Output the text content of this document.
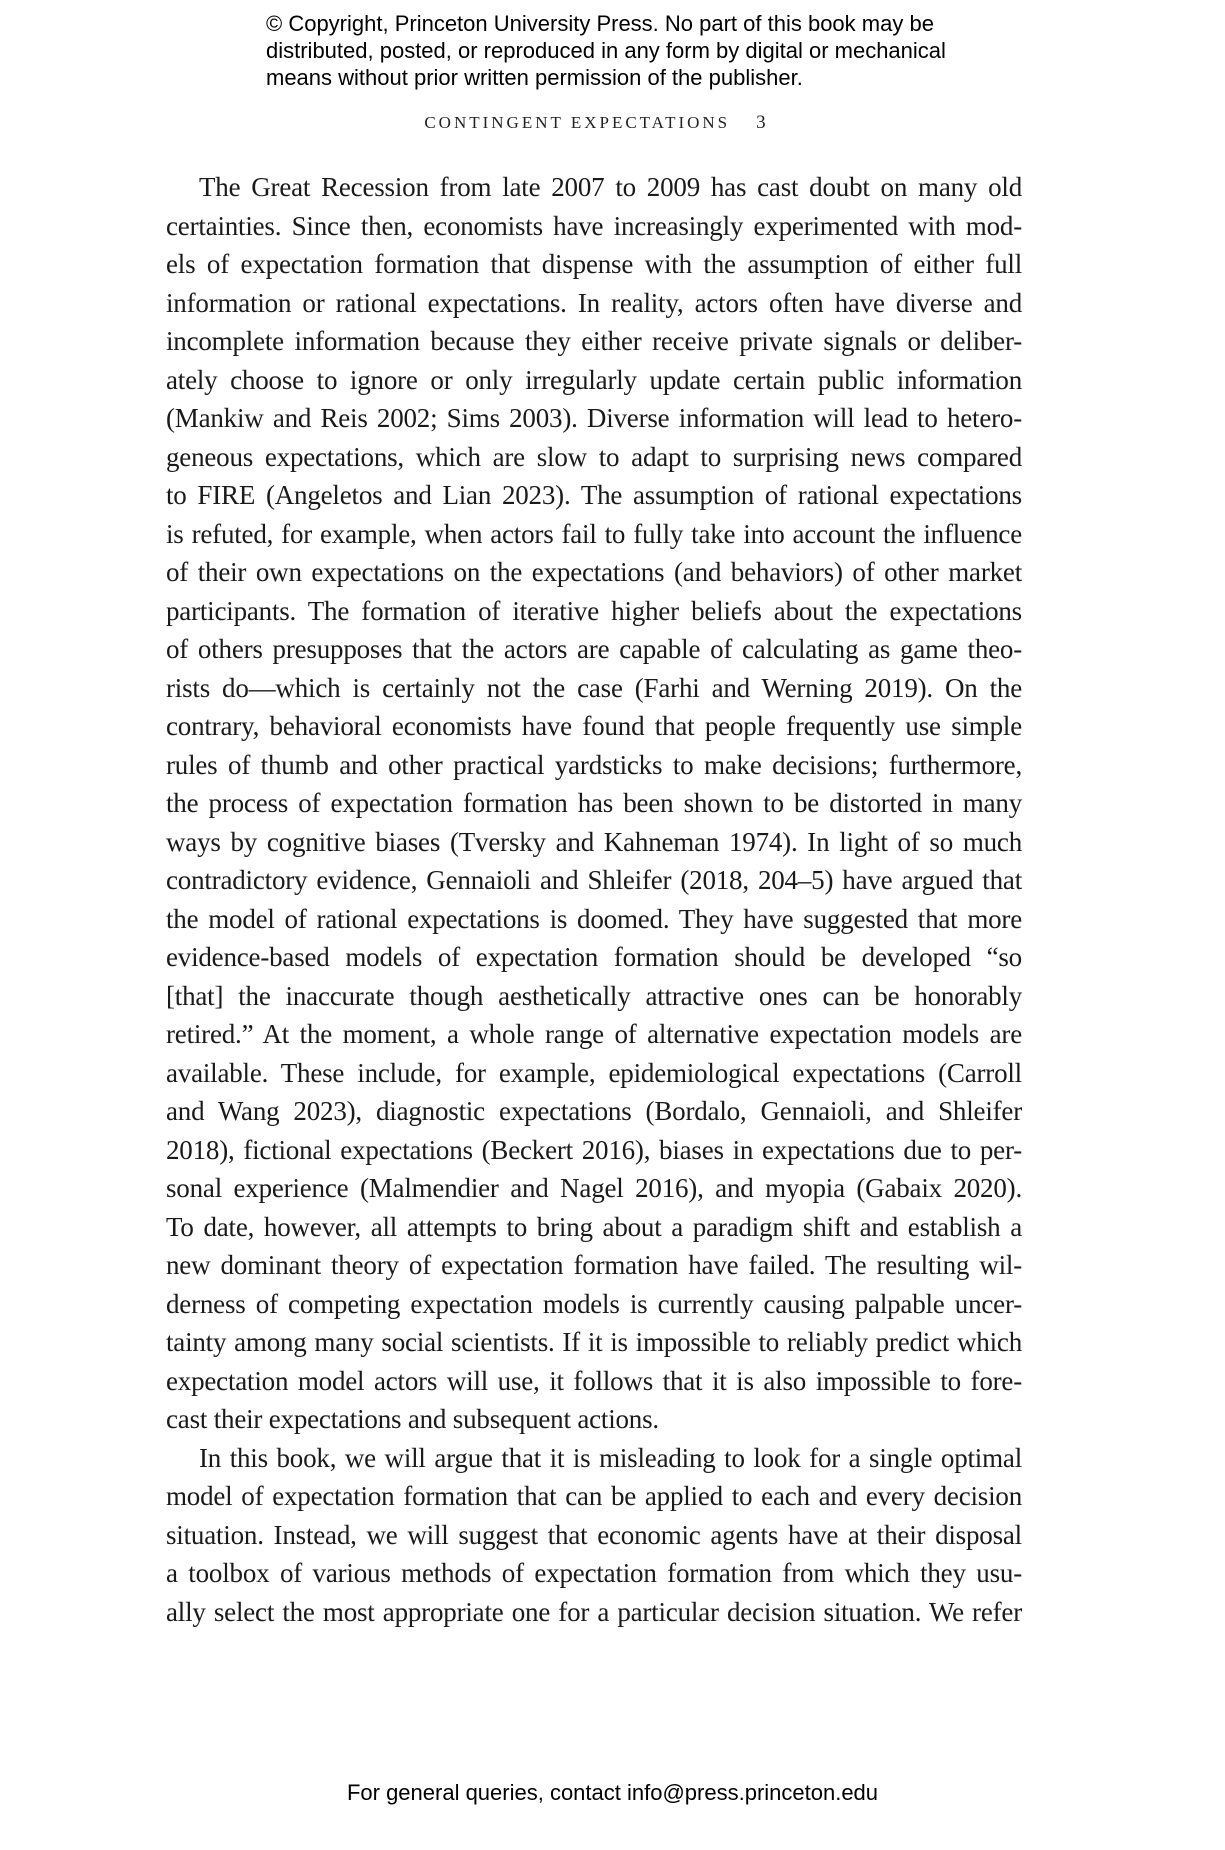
© Copyright, Princeton University Press. No part of this book may be
distributed, posted, or reproduced in any form by digital or mechanical
means without prior written permission of the publisher.
CONTINGENT EXPECTATIONS 3
The Great Recession from late 2007 to 2009 has cast doubt on many old
certainties. Since then, economists have increasingly experimented with mod-
els of expectation formation that dispense with the assumption of either full
information or rational expectations. In reality, actors often have diverse and
incomplete information because they either receive private signals or deliber-
ately choose to ignore or only irregularly update certain public information
(Mankiw and Reis 2002; Sims 2003). Diverse information will lead to hetero-
geneous expectations, which are slow to adapt to surprising news compared
to FIRE (Angeletos and Lian 2023). The assumption of rational expectations
is refuted, for example, when actors fail to fully take into account the influence
of their own expectations on the expectations (and behaviors) of other market
participants. The formation of iterative higher beliefs about the expectations
of others presupposes that the actors are capable of calculating as game theo-
rists do—which is certainly not the case (Farhi and Werning 2019). On the
contrary, behavioral economists have found that people frequently use simple
rules of thumb and other practical yardsticks to make decisions; furthermore,
the process of expectation formation has been shown to be distorted in many
ways by cognitive biases (Tversky and Kahneman 1974). In light of so much
contradictory evidence, Gennaioli and Shleifer (2018, 204–5) have argued that
the model of rational expectations is doomed. They have suggested that more
evidence-based models of expectation formation should be developed “so
[that] the inaccurate though aesthetically attractive ones can be honorably
retired.” At the moment, a whole range of alternative expectation models are
available. These include, for example, epidemiological expectations (Carroll
and Wang 2023), diagnostic expectations (Bordalo, Gennaioli, and Shleifer
2018), fictional expectations (Beckert 2016), biases in expectations due to per-
sonal experience (Malmendier and Nagel 2016), and myopia (Gabaix 2020).
To date, however, all attempts to bring about a paradigm shift and establish a
new dominant theory of expectation formation have failed. The resulting wil-
derness of competing expectation models is currently causing palpable uncer-
tainty among many social scientists. If it is impossible to reliably predict which
expectation model actors will use, it follows that it is also impossible to fore-
cast their expectations and subsequent actions.
In this book, we will argue that it is misleading to look for a single optimal
model of expectation formation that can be applied to each and every decision
situation. Instead, we will suggest that economic agents have at their disposal
a toolbox of various methods of expectation formation from which they usu-
ally select the most appropriate one for a particular decision situation. We refer
For general queries, contact info@press.princeton.edu
